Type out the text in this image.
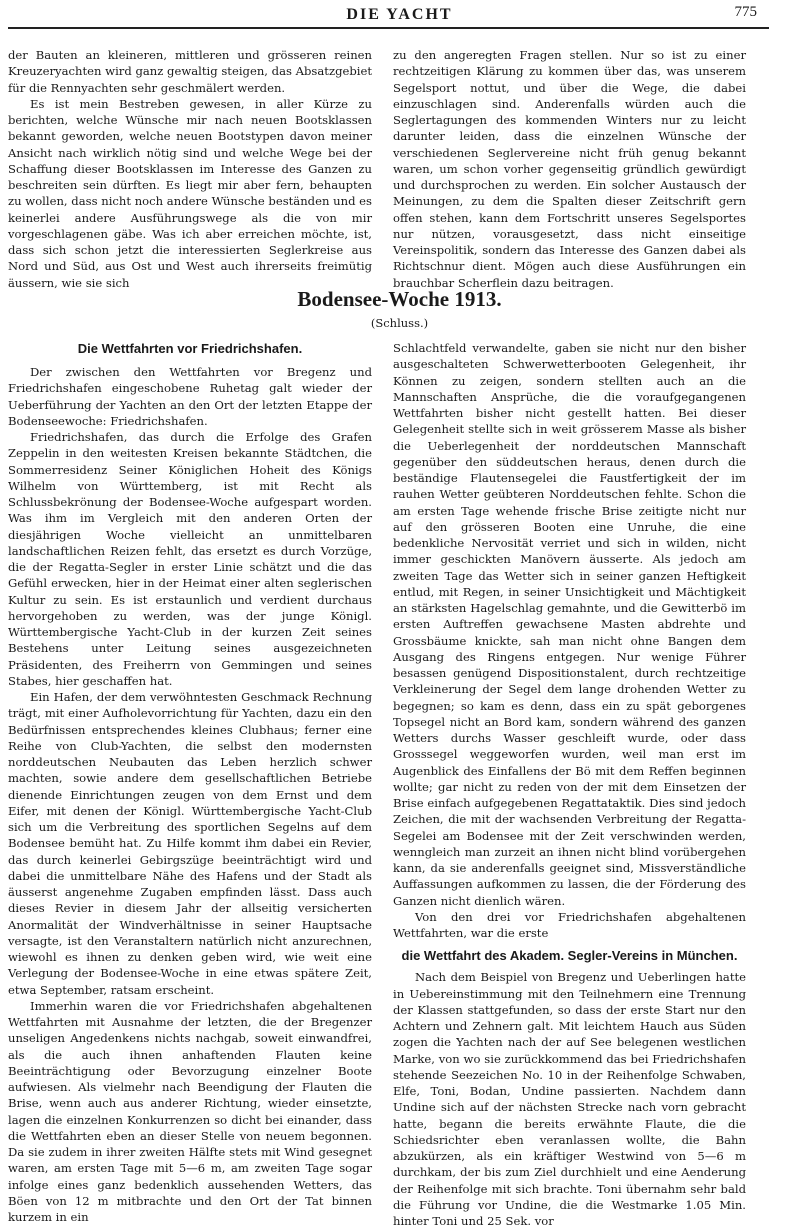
DIE YACHT	775

der Bauten an kleineren, mittleren und grösseren reinen Kreuzeryachten wird ganz gewaltig steigen, das Absatzgebiet für die Rennyachten sehr geschmälert werden.

Es ist mein Bestreben gewesen, in aller Kürze zu berichten, welche Wünsche mir nach neuen Bootsklassen bekannt geworden, welche neuen Bootstypen davon meiner Ansicht nach wirklich nötig sind und welche Wege bei der Schaffung dieser Bootsklassen im Interesse des Ganzen zu beschreiten sein dürften. Es liegt mir aber fern, behaupten zu wollen, dass nicht noch andere Wünsche beständen und es keinerlei andere Ausführungswege als die von mir vorgeschlagenen gäbe. Was ich aber erreichen möchte, ist, dass sich schon jetzt die interessierten Seglerkreise aus Nord und Süd, aus Ost und West auch ihrerseits freimütig äussern, wie sie sich

zu den angeregten Fragen stellen. Nur so ist zu einer rechtzeitigen Klärung zu kommen über das, was unserem Segelsport nottut, und über die Wege, die dabei einzuschlagen sind. Anderenfalls würden auch die Seglertagungen des kommenden Winters nur zu leicht darunter leiden, dass die einzelnen Wünsche der verschiedenen Seglervereine nicht früh genug bekannt waren, um schon vorher gegenseitig gründlich gewürdigt und durchsprochen zu werden. Ein solcher Austausch der Meinungen, zu dem die Spalten dieser Zeitschrift gern offen stehen, kann dem Fortschritt unseres Segelsportes nur nützen, vorausgesetzt, dass nicht einseitige Vereinspolitik, sondern das Interesse des Ganzen dabei als Richtschnur dient. Mögen auch diese Ausführungen ein brauchbar Scherflein dazu beitragen.

Bodensee-Woche 1913.
(Schluss.)
Die Wettfahrten vor Friedrichshafen.

Der zwischen den Wettfahrten vor Bregenz und Friedrichshafen eingeschobene Ruhetag galt wieder der Ueberführung der Yachten an den Ort der letzten Etappe der Bodenseewoche: Friedrichshafen.

Friedrichshafen, das durch die Erfolge des Grafen Zeppelin in den weitesten Kreisen bekannte Städtchen, die Sommerresidenz Seiner Königlichen Hoheit des Königs Wilhelm von Württemberg, ist mit Recht als Schlussbekrönung der Bodensee-Woche aufgespart worden. Was ihm im Vergleich mit den anderen Orten der diesjährigen Woche vielleicht an unmittelbaren landschaftlichen Reizen fehlt, das ersetzt es durch Vorzüge, die der Regatta-Segler in erster Linie schätzt und die das Gefühl erwecken, hier in der Heimat einer alten seglerischen Kultur zu sein. Es ist erstaunlich und verdient durchaus hervorgehoben zu werden, was der junge Königl. Württembergische Yacht-Club in der kurzen Zeit seines Bestehens unter Leitung seines ausgezeichneten Präsidenten, des Freiherrn von Gemmingen und seines Stabes, hier geschaffen hat.

Ein Hafen, der dem verwöhntesten Geschmack Rechnung trägt, mit einer Aufholevorrichtung für Yachten, dazu ein den Bedürfnissen entsprechendes kleines Clubhaus; ferner eine Reihe von Club-Yachten, die selbst den modernsten norddeutschen Neubauten das Leben herzlich schwer machten, sowie andere dem gesellschaftlichen Betriebe dienende Einrichtungen zeugen von dem Ernst und dem Eifer, mit denen der Königl. Württembergische Yacht-Club sich um die Verbreitung des sportlichen Segelns auf dem Bodensee bemüht hat. Zu Hilfe kommt ihm dabei ein Revier, das durch keinerlei Gebirgszüge beeinträchtigt wird und dabei die unmittelbare Nähe des Hafens und der Stadt als äusserst angenehme Zugaben empfinden lässt. Dass auch dieses Revier in diesem Jahr der allseitig versicherten Anormalität der Windverhältnisse in seiner Hauptsache versagte, ist den Veranstaltern natürlich nicht anzurechnen, wiewohl es ihnen zu denken geben wird, wie weit eine Verlegung der Bodensee-Woche in eine etwas spätere Zeit, etwa September, ratsam erscheint.

Immerhin waren die vor Friedrichshafen abgehaltenen Wettfahrten mit Ausnahme der letzten, die der Bregenzer unseligen Angedenkens nichts nachgab, soweit einwandfrei, als die auch ihnen anhaftenden Flauten keine Beeinträchtigung oder Bevorzugung einzelner Boote aufwiesen. Als vielmehr nach Beendigung der Flauten die Brise, wenn auch aus anderer Richtung, wieder einsetzte, lagen die einzelnen Konkurrenzen so dicht bei einander, dass die Wettfahrten eben an dieser Stelle von neuem begonnen. Da sie zudem in ihrer zweiten Hälfte stets mit Wind gesegnet waren, am ersten Tage mit 5—6 m, am zweiten Tage sogar infolge eines ganz bedenklich aussehenden Wetters, das Böen von 12 m mitbrachte und den Ort der Tat binnen kurzem in ein

Schlachtfeld verwandelte, gaben sie nicht nur den bisher ausgeschalteten Schwerwetterbooten Gelegenheit, ihr Können zu zeigen, sondern stellten auch an die Mannschaften Ansprüche, die die voraufgegangenen Wettfahrten bisher nicht gestellt hatten. Bei dieser Gelegenheit stellte sich in weit grösserem Masse als bisher die Ueberlegenheit der norddeutschen Mannschaft gegenüber den süddeutschen heraus, denen durch die beständige Flautensegelei die Faustfertigkeit der im rauhen Wetter geübteren Norddeutschen fehlte. Schon die am ersten Tage wehende frische Brise zeitigte nicht nur auf den grösseren Booten eine Unruhe, die eine bedenkliche Nervosität verriet und sich in wilden, nicht immer geschickten Manövern äusserte. Als jedoch am zweiten Tage das Wetter sich in seiner ganzen Heftigkeit entlud, mit Regen, in seiner Unsichtigkeit und Mächtigkeit an stärksten Hagelschlag gemahnte, und die Gewitterbö im ersten Auftreffen gewachsene Masten abdrehte und Grossbäume knickte, sah man nicht ohne Bangen dem Ausgang des Ringens entgegen. Nur wenige Führer besassen genügend Dispositionstalent, durch rechtzeitige Verkleinerung der Segel dem lange drohenden Wetter zu begegnen; so kam es denn, dass ein zu spät geborgenes Topsegel nicht an Bord kam, sondern während des ganzen Wetters durchs Wasser geschleift wurde, oder dass Grosssegel weggeworfen wurden, weil man erst im Augenblick des Einfallens der Bö mit dem Reffen beginnen wollte; gar nicht zu reden von der mit dem Einsetzen der Brise einfach aufgegebenen Regattataktik. Dies sind jedoch Zeichen, die mit der wachsenden Verbreitung der Regatta-Segelei am Bodensee mit der Zeit verschwinden werden, wenngleich man zurzeit an ihnen nicht blind vorübergehen kann, da sie anderenfalls geeignet sind, Missverständliche Auffassungen aufkommen zu lassen, die der Förderung des Ganzen nicht dienlich wären.

Von den drei vor Friedrichshafen abgehaltenen Wettfahrten, war die erste

die Wettfahrt des Akadem. Segler-Vereins in München.

Nach dem Beispiel von Bregenz und Ueberlingen hatte in Uebereinstimmung mit den Teilnehmern eine Trennung der Klassen stattgefunden, so dass der erste Start nur den Achtern und Zehnern galt. Mit leichtem Hauch aus Süden zogen die Yachten nach der auf See belegenen westlichen Marke, von wo sie zurückkommend das bei Friedrichshafen stehende Seezeichen No. 10 in der Reihenfolge Schwaben, Elfe, Toni, Bodan, Undine passierten. Nachdem dann Undine sich auf der nächsten Strecke nach vorn gebracht hatte, begann die bereits erwähnte Flaute, die die Schiedsrichter eben veranlassen wollte, die Bahn abzukürzen, als ein kräftiger Westwind von 5—6 m durchkam, der bis zum Ziel durchhielt und eine Aenderung der Reihenfolge mit sich brachte. Toni übernahm sehr bald die Führung vor Undine, die die Westmarke 1.05 Min. hinter Toni und 25 Sek. vor
